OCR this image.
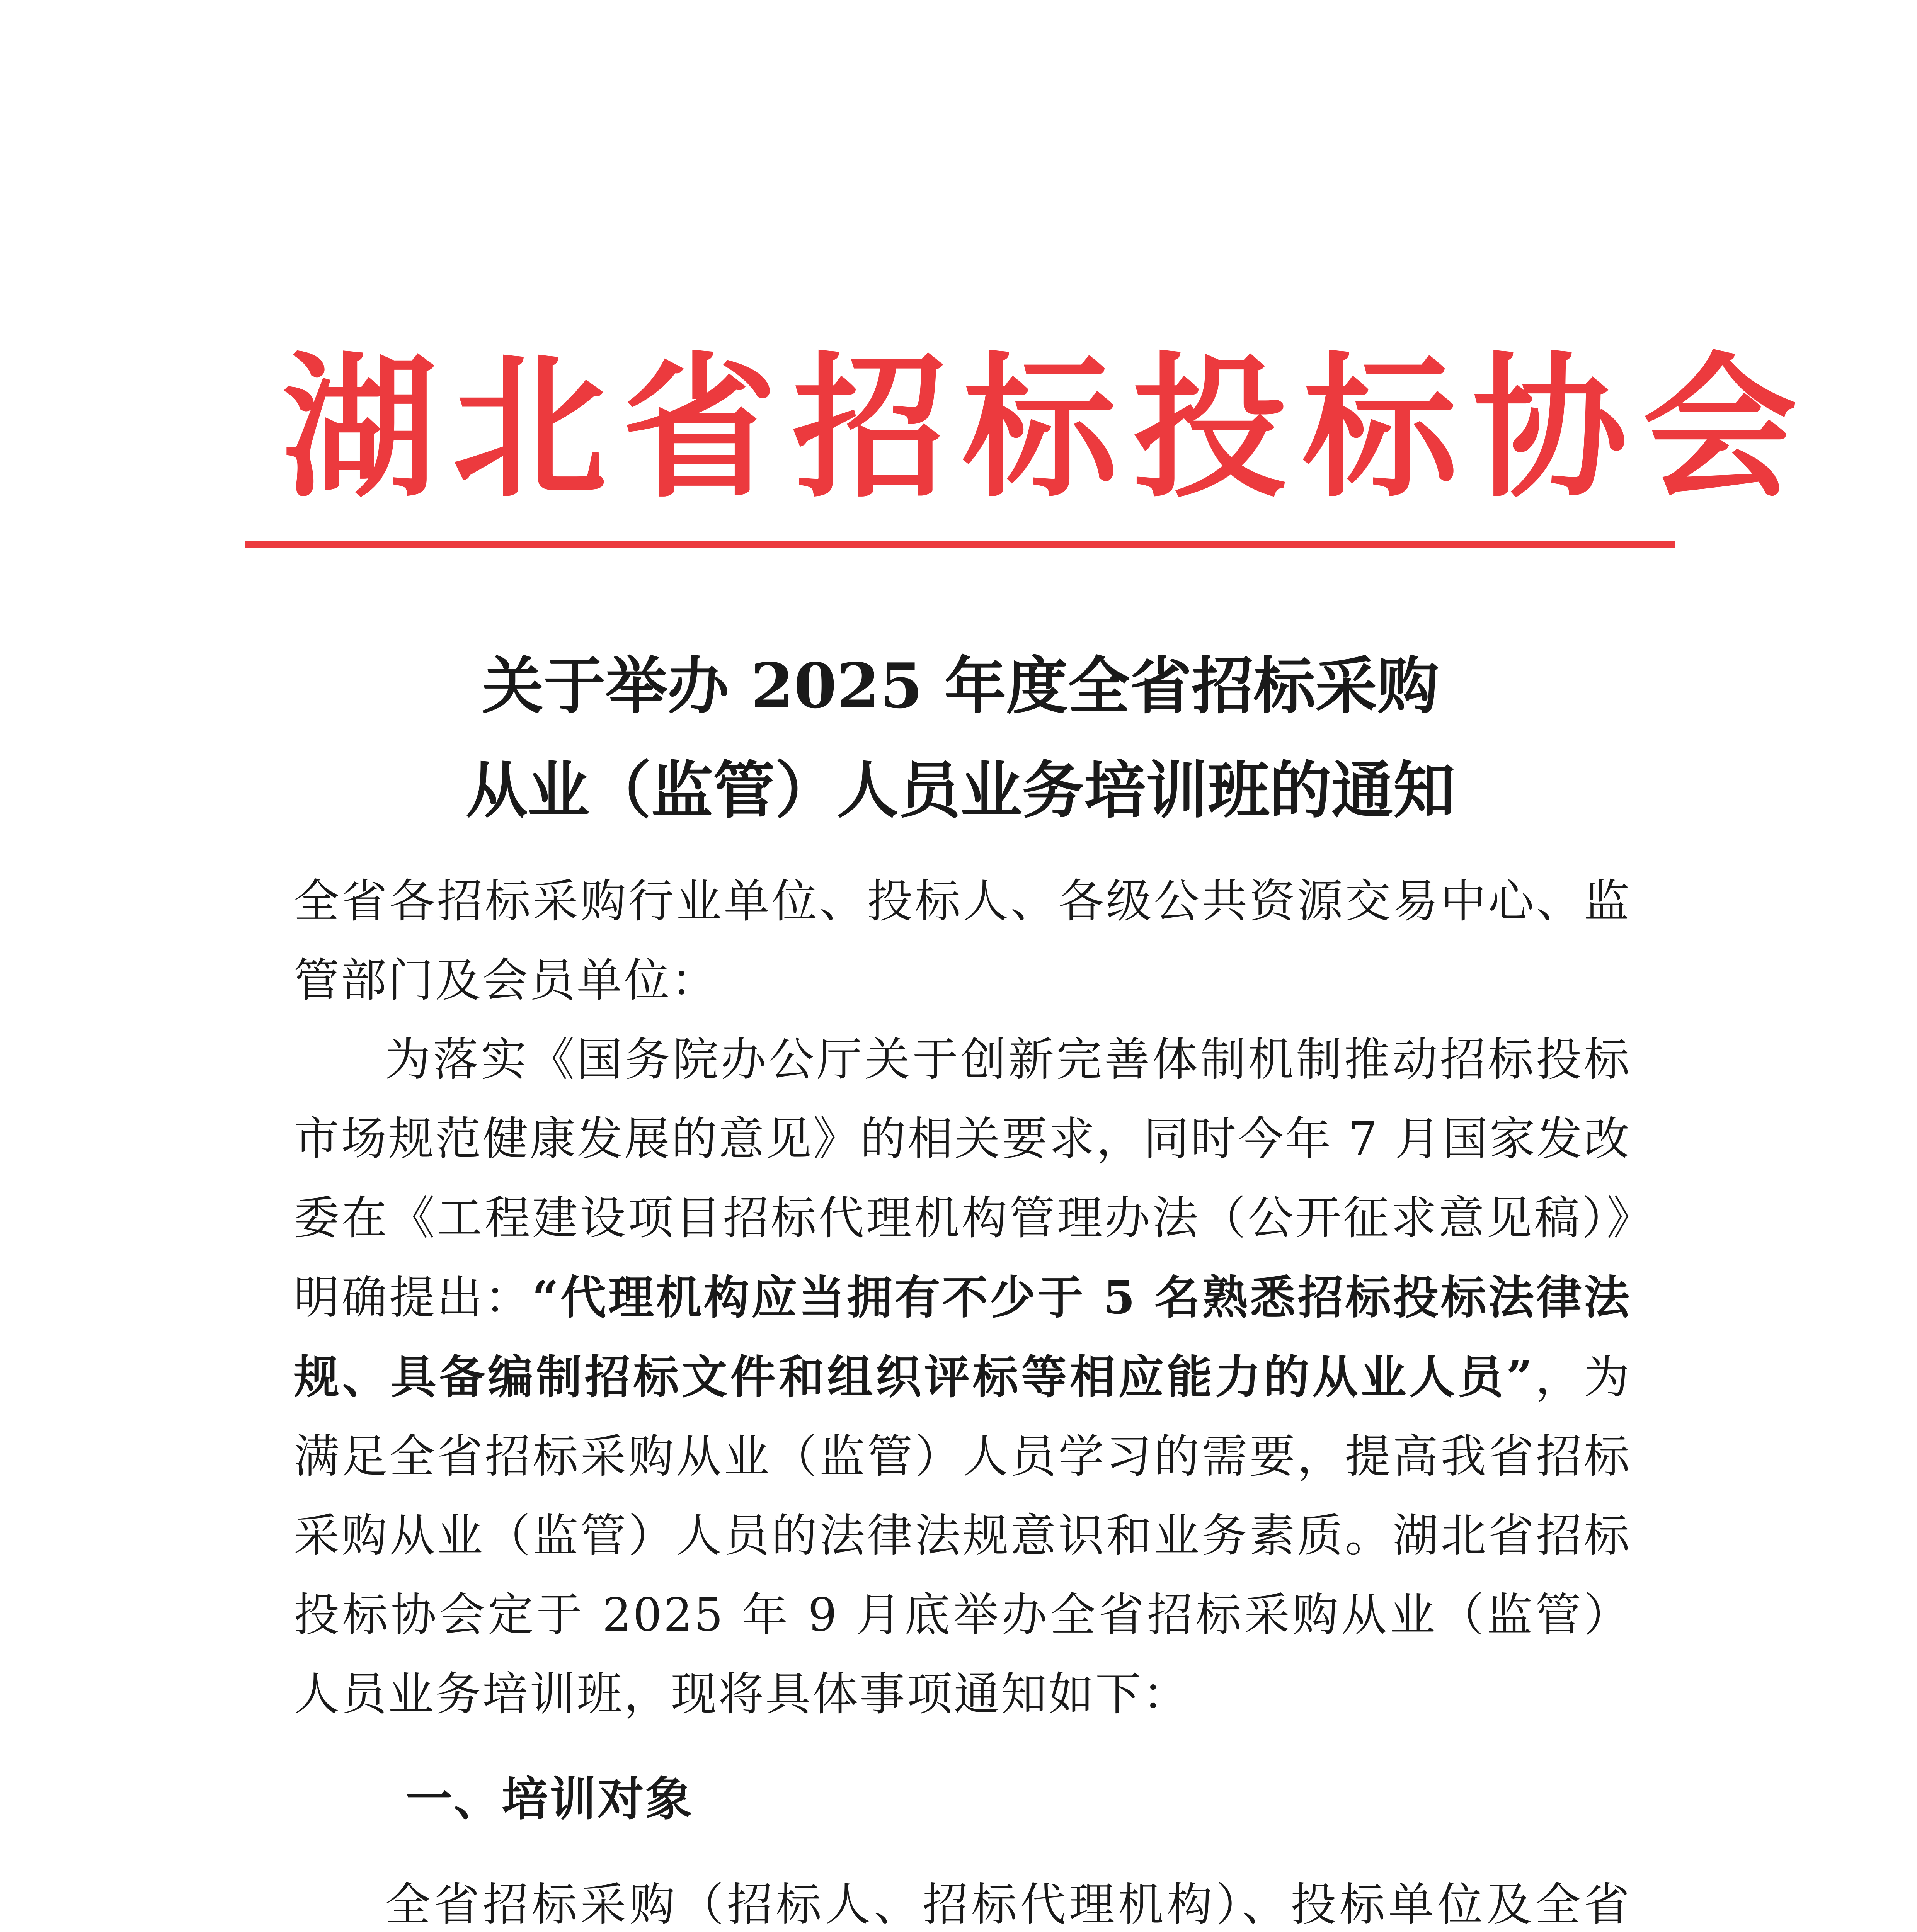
湖北省招标投标协会
关于举办 2025 年度全省招标采购
从业（监管）人员业务培训班的通知

全省各招标采购行业单位、投标人、各级公共资源交易中心、监管部门及会员单位：

为落实《国务院办公厅关于创新完善体制机制推动招标投标市场规范健康发展的意见》的相关要求，同时今年 7 月国家发改委在《工程建设项目招标代理机构管理办法（公开征求意见稿）》明确提出：“代理机构应当拥有不少于 5 名熟悉招标投标法律法规、具备编制招标文件和组织评标等相应能力的从业人员”，为满足全省招标采购从业（监管）人员学习的需要，提高我省招标采购从业（监管）人员的法律法规意识和业务素质。湖北省招标投标协会定于 2025 年 9 月底举办全省招标采购从业（监管）人员业务培训班，现将具体事项通知如下：

一、培训对象

全省招标采购（招标人、招标代理机构）、投标单位及全省
